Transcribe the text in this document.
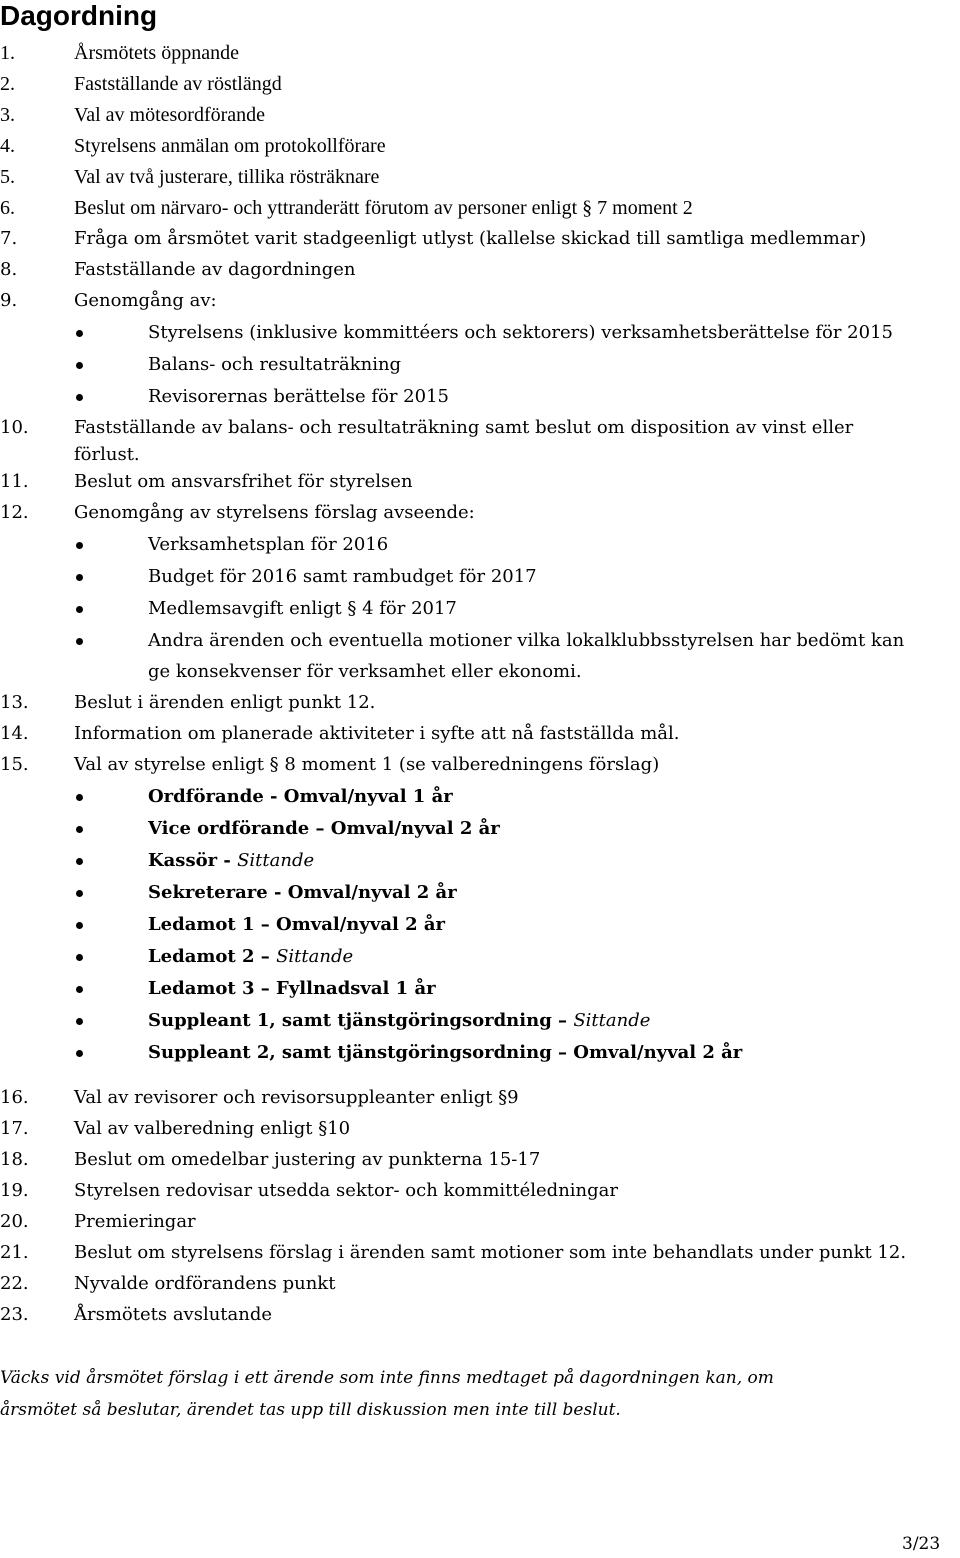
Dagordning
1.	Årsmötets öppnande
2.	Fastställande av röstlängd
3.	Val av mötesordförande
4.	Styrelsens anmälan om protokollförare
5.	Val av två justerare, tillika rösträknare
6.	Beslut om närvaro- och yttranderätt förutom av personer enligt § 7 moment 2
7.	Fråga om årsmötet varit stadgeenligt utlyst (kallelse skickad till samtliga medlemmar)
8.	Fastställande av dagordningen
9.	Genomgång av:
Styrelsens (inklusive kommittéers och sektorers) verksamhetsberättelse för 2015
Balans- och resultaträkning
Revisorernas berättelse för 2015
10.	Fastställande av balans- och resultaträkning samt beslut om disposition av vinst eller
förlust.
11.	Beslut om ansvarsfrihet för styrelsen
12.	Genomgång av styrelsens förslag avseende:
Verksamhetsplan för 2016
Budget för 2016 samt rambudget för 2017
Medlemsavgift enligt § 4 för 2017
Andra ärenden och eventuella motioner vilka lokalklubbsstyrelsen har bedömt kan
ge konsekvenser för verksamhet eller ekonomi.
13.	Beslut i ärenden enligt punkt 12.
14.	Information om planerade aktiviteter i syfte att nå fastställda mål.
15.	Val av styrelse enligt § 8 moment 1 (se valberedningens förslag)
Ordförande - Omval/nyval 1 år
Vice ordförande – Omval/nyval 2 år
Kassör - Sittande
Sekreterare - Omval/nyval 2 år
Ledamot 1 – Omval/nyval 2 år
Ledamot 2 – Sittande
Ledamot 3 – Fyllnadsval 1 år
Suppleant 1, samt tjänstgöringsordning – Sittande
Suppleant 2, samt tjänstgöringsordning – Omval/nyval 2 år
16.	Val av revisorer och revisorsuppleanter enligt §9
17.	Val av valberedning enligt §10
18.	Beslut om omedelbar justering av punkterna 15-17
19.	Styrelsen redovisar utsedda sektor- och kommittéledningar
20.	Premieringar
21.	Beslut om styrelsens förslag i ärenden samt motioner som inte behandlats under punkt 12.
22.	Nyvalde ordförandens punkt
23.	Årsmötets avslutande
Väcks vid årsmötet förslag i ett ärende som inte finns medtaget på dagordningen kan, om
årsmötet så beslutar, ärendet tas upp till diskussion men inte till beslut.
3/23
